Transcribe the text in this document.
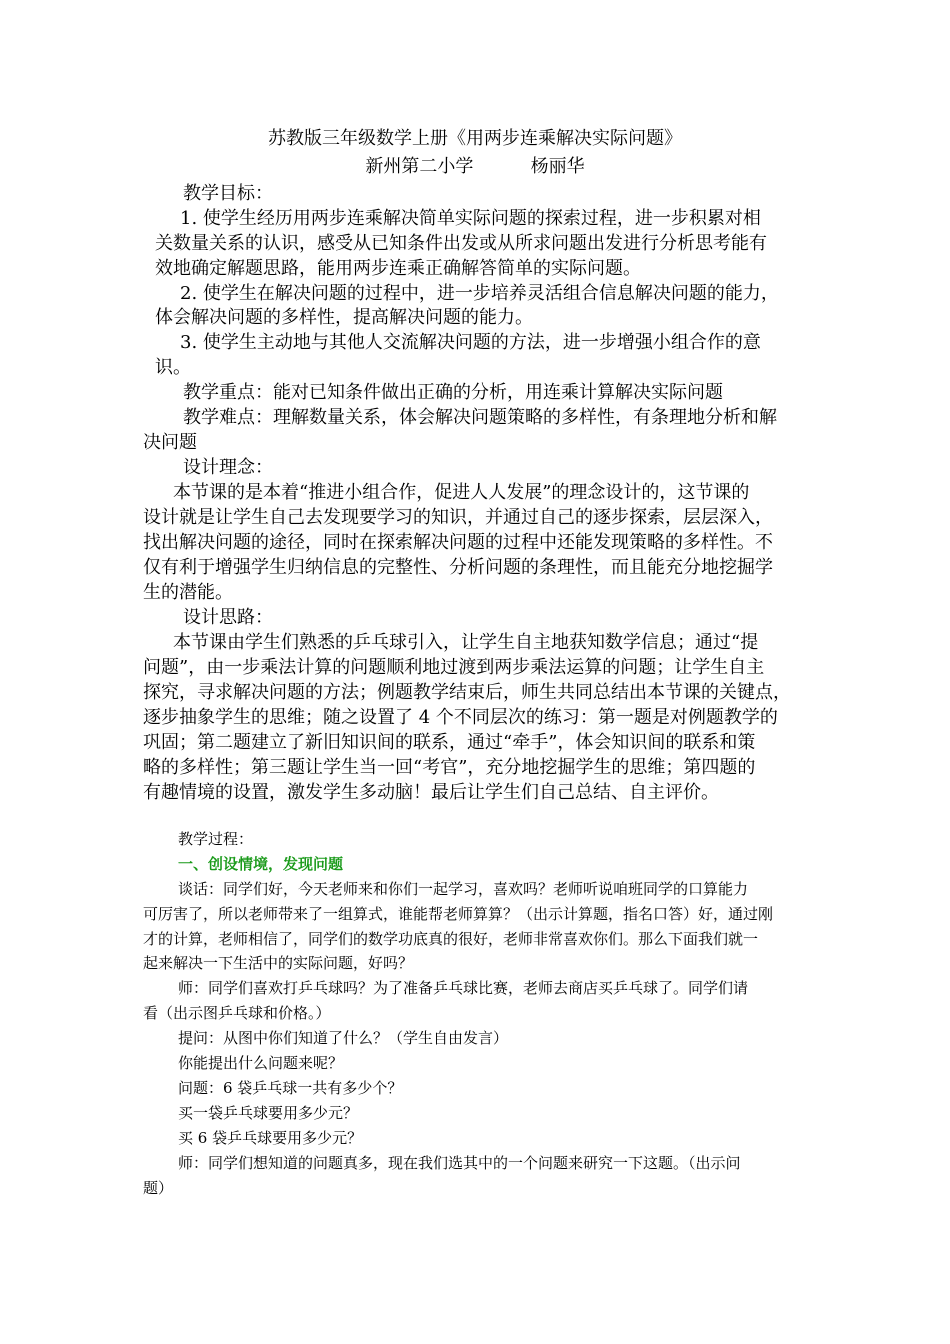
苏教版三年级数学上册《用两步连乘解决实际问题》
新州第二小学          杨丽华
教学目标：
1. 使学生经历用两步连乘解决简单实际问题的探索过程，进一步积累对相
关数量关系的认识，感受从已知条件出发或从所求问题出发进行分析思考能有
效地确定解题思路，能用两步连乘正确解答简单的实际问题。
2. 使学生在解决问题的过程中，进一步培养灵活组合信息解决问题的能力，
体会解决问题的多样性，提高解决问题的能力。
3. 使学生主动地与其他人交流解决问题的方法，进一步增强小组合作的意
识。
教学重点：能对已知条件做出正确的分析，用连乘计算解决实际问题
教学难点：理解数量关系，体会解决问题策略的多样性，有条理地分析和解
决问题
设计理念：
本节课的是本着“推进小组合作，促进人人发展”的理念设计的，这节课的
设计就是让学生自己去发现要学习的知识，并通过自己的逐步探索，层层深入，
找出解决问题的途径，同时在探索解决问题的过程中还能发现策略的多样性。不
仅有利于增强学生归纳信息的完整性、分析问题的条理性，而且能充分地挖掘学
生的潜能。
设计思路：
本节课由学生们熟悉的乒乓球引入，让学生自主地获知数学信息；通过“提
问题”，由一步乘法计算的问题顺利地过渡到两步乘法运算的问题；让学生自主
探究，寻求解决问题的方法；例题教学结束后，师生共同总结出本节课的关键点，
逐步抽象学生的思维；随之设置了 4 个不同层次的练习：第一题是对例题教学的
巩固；第二题建立了新旧知识间的联系，通过“牵手”，体会知识间的联系和策
略的多样性；第三题让学生当一回“考官”，充分地挖掘学生的思维；第四题的
有趣情境的设置，激发学生多动脑！最后让学生们自己总结、自主评价。
教学过程：
一、创设情境，发现问题
谈话：同学们好，今天老师来和你们一起学习，喜欢吗？老师听说咱班同学的口算能力
可厉害了，所以老师带来了一组算式，谁能帮老师算算？（出示计算题，指名口答）好，通过刚
才的计算，老师相信了，同学们的数学功底真的很好，老师非常喜欢你们。那么下面我们就一
起来解决一下生活中的实际问题，好吗？
师：同学们喜欢打乒乓球吗？为了准备乒乓球比赛，老师去商店买乒乓球了。同学们请
看（出示图乒乓球和价格。）
提问：从图中你们知道了什么？（学生自由发言）
你能提出什么问题来呢？
问题：6 袋乒乓球一共有多少个？
买一袋乒乓球要用多少元？
买 6 袋乒乓球要用多少元？
师：同学们想知道的问题真多，现在我们选其中的一个问题来研究一下这题。（出示问
题）
